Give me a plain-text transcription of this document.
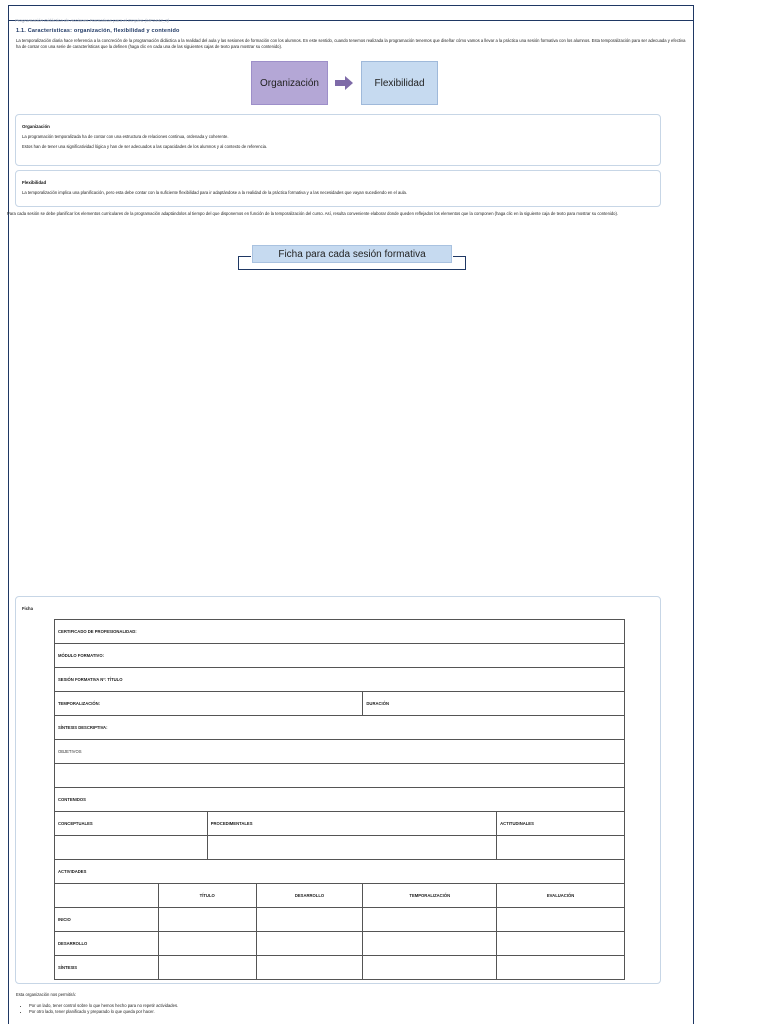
Programación Didáctica de Acciones Formativas para el Empleo (MF1442_3)
1.1. Características: organización, flexibilidad y contenido
La temporalización diaria hace referencia a la concreción de la programación didáctica a la realidad del aula y las sesiones de formación con los alumnos. En este sentido, cuando tenemos realizada la programación tenemos que diseñar cómo vamos a llevar a la práctica una sesión formativa con los alumnos. Esta temporalización para ser adecuada y efectiva ha de contar con una serie de características que la definen (haga clic en cada una de las siguientes cajas de texto para mostrar su contenido).
Organización	Flexibilidad
Organización
La programación temporalizada ha de contar con una estructura de relaciones continua, ordenada y coherente.
Estos han de tener una significatividad lógica y han de ser adecuados a las capacidades de los alumnos y al contexto de referencia.
Flexibilidad
La temporalización implica una planificación, pero esta debe contar con la suficiente flexibilidad para ir adaptándose a la realidad de la práctica formativa y a las necesidades que vayan sucediendo en el aula.
Para cada sesión se debe planificar los elementos curriculares de la programación adaptándolos al tiempo del que disponemos en función de la temporalización del curso. Así, resulta conveniente elaborar donde queden reflejados los elementos que la componen (haga clic en la siguiente caja de texto para mostrar su contenido).
Ficha para cada sesión formativa
Ficha
CERTIFICADO DE PROFESIONALIDAD:					
MÓDULO FORMATIVO:					
SESIÓN FORMATIVA Nº: TÍTULO					
TEMPORALIZACIÓN:				DURACIÓN	
SÍNTESIS DESCRIPTIVA:					
OBJETIVOS					

CONTENIDOS					
CONCEPTUALES		PROCEDIMENTALES			ACTITUDINALES

ACTIVIDADES					
	TÍTULO		DESARROLLO	TEMPORALIZACIÓN	EVALUACIÓN
INICIO					
DESARROLLO					
SÍNTESIS					
Esta organización nos permitirá:
• Por un lado, tener control sobre lo que hemos hecho para no repetir actividades.
• Por otro lado, tener planificado y preparado lo que queda por hacer.
